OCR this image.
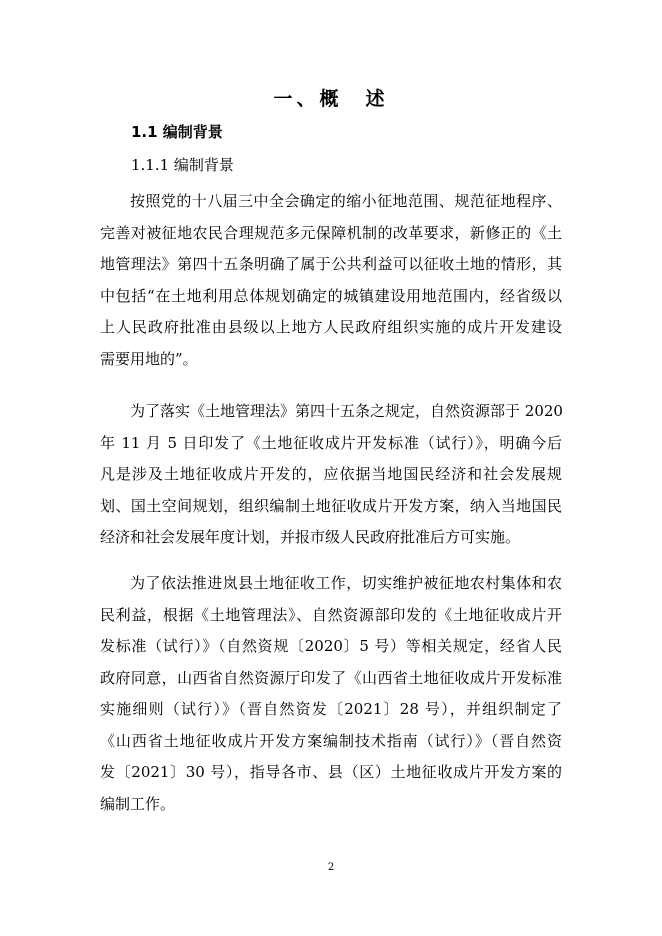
一、概　述
1.1 编制背景
1.1.1 编制背景
按照党的十八届三中全会确定的缩小征地范围、规范征地程序、
完善对被征地农民合理规范多元保障机制的改革要求，新修正的《土
地管理法》第四十五条明确了属于公共利益可以征收土地的情形，其
中包括“在土地利用总体规划确定的城镇建设用地范围内，经省级以
上人民政府批准由县级以上地方人民政府组织实施的成片开发建设
需要用地的”。
为了落实《土地管理法》第四十五条之规定，自然资源部于 2020
年 11 月 5 日印发了《土地征收成片开发标准（试行）》，明确今后
凡是涉及土地征收成片开发的，应依据当地国民经济和社会发展规
划、国土空间规划，组织编制土地征收成片开发方案，纳入当地国民
经济和社会发展年度计划，并报市级人民政府批准后方可实施。
为了依法推进岚县土地征收工作，切实维护被征地农村集体和农
民利益，根据《土地管理法》、自然资源部印发的《土地征收成片开
发标准（试行）》（自然资规〔2020〕5 号）等相关规定，经省人民
政府同意，山西省自然资源厅印发了《山西省土地征收成片开发标准
实施细则（试行）》（晋自然资发〔2021〕28 号），并组织制定了
《山西省土地征收成片开发方案编制技术指南（试行）》（晋自然资
发〔2021〕30 号），指导各市、县（区）土地征收成片开发方案的
编制工作。
2
